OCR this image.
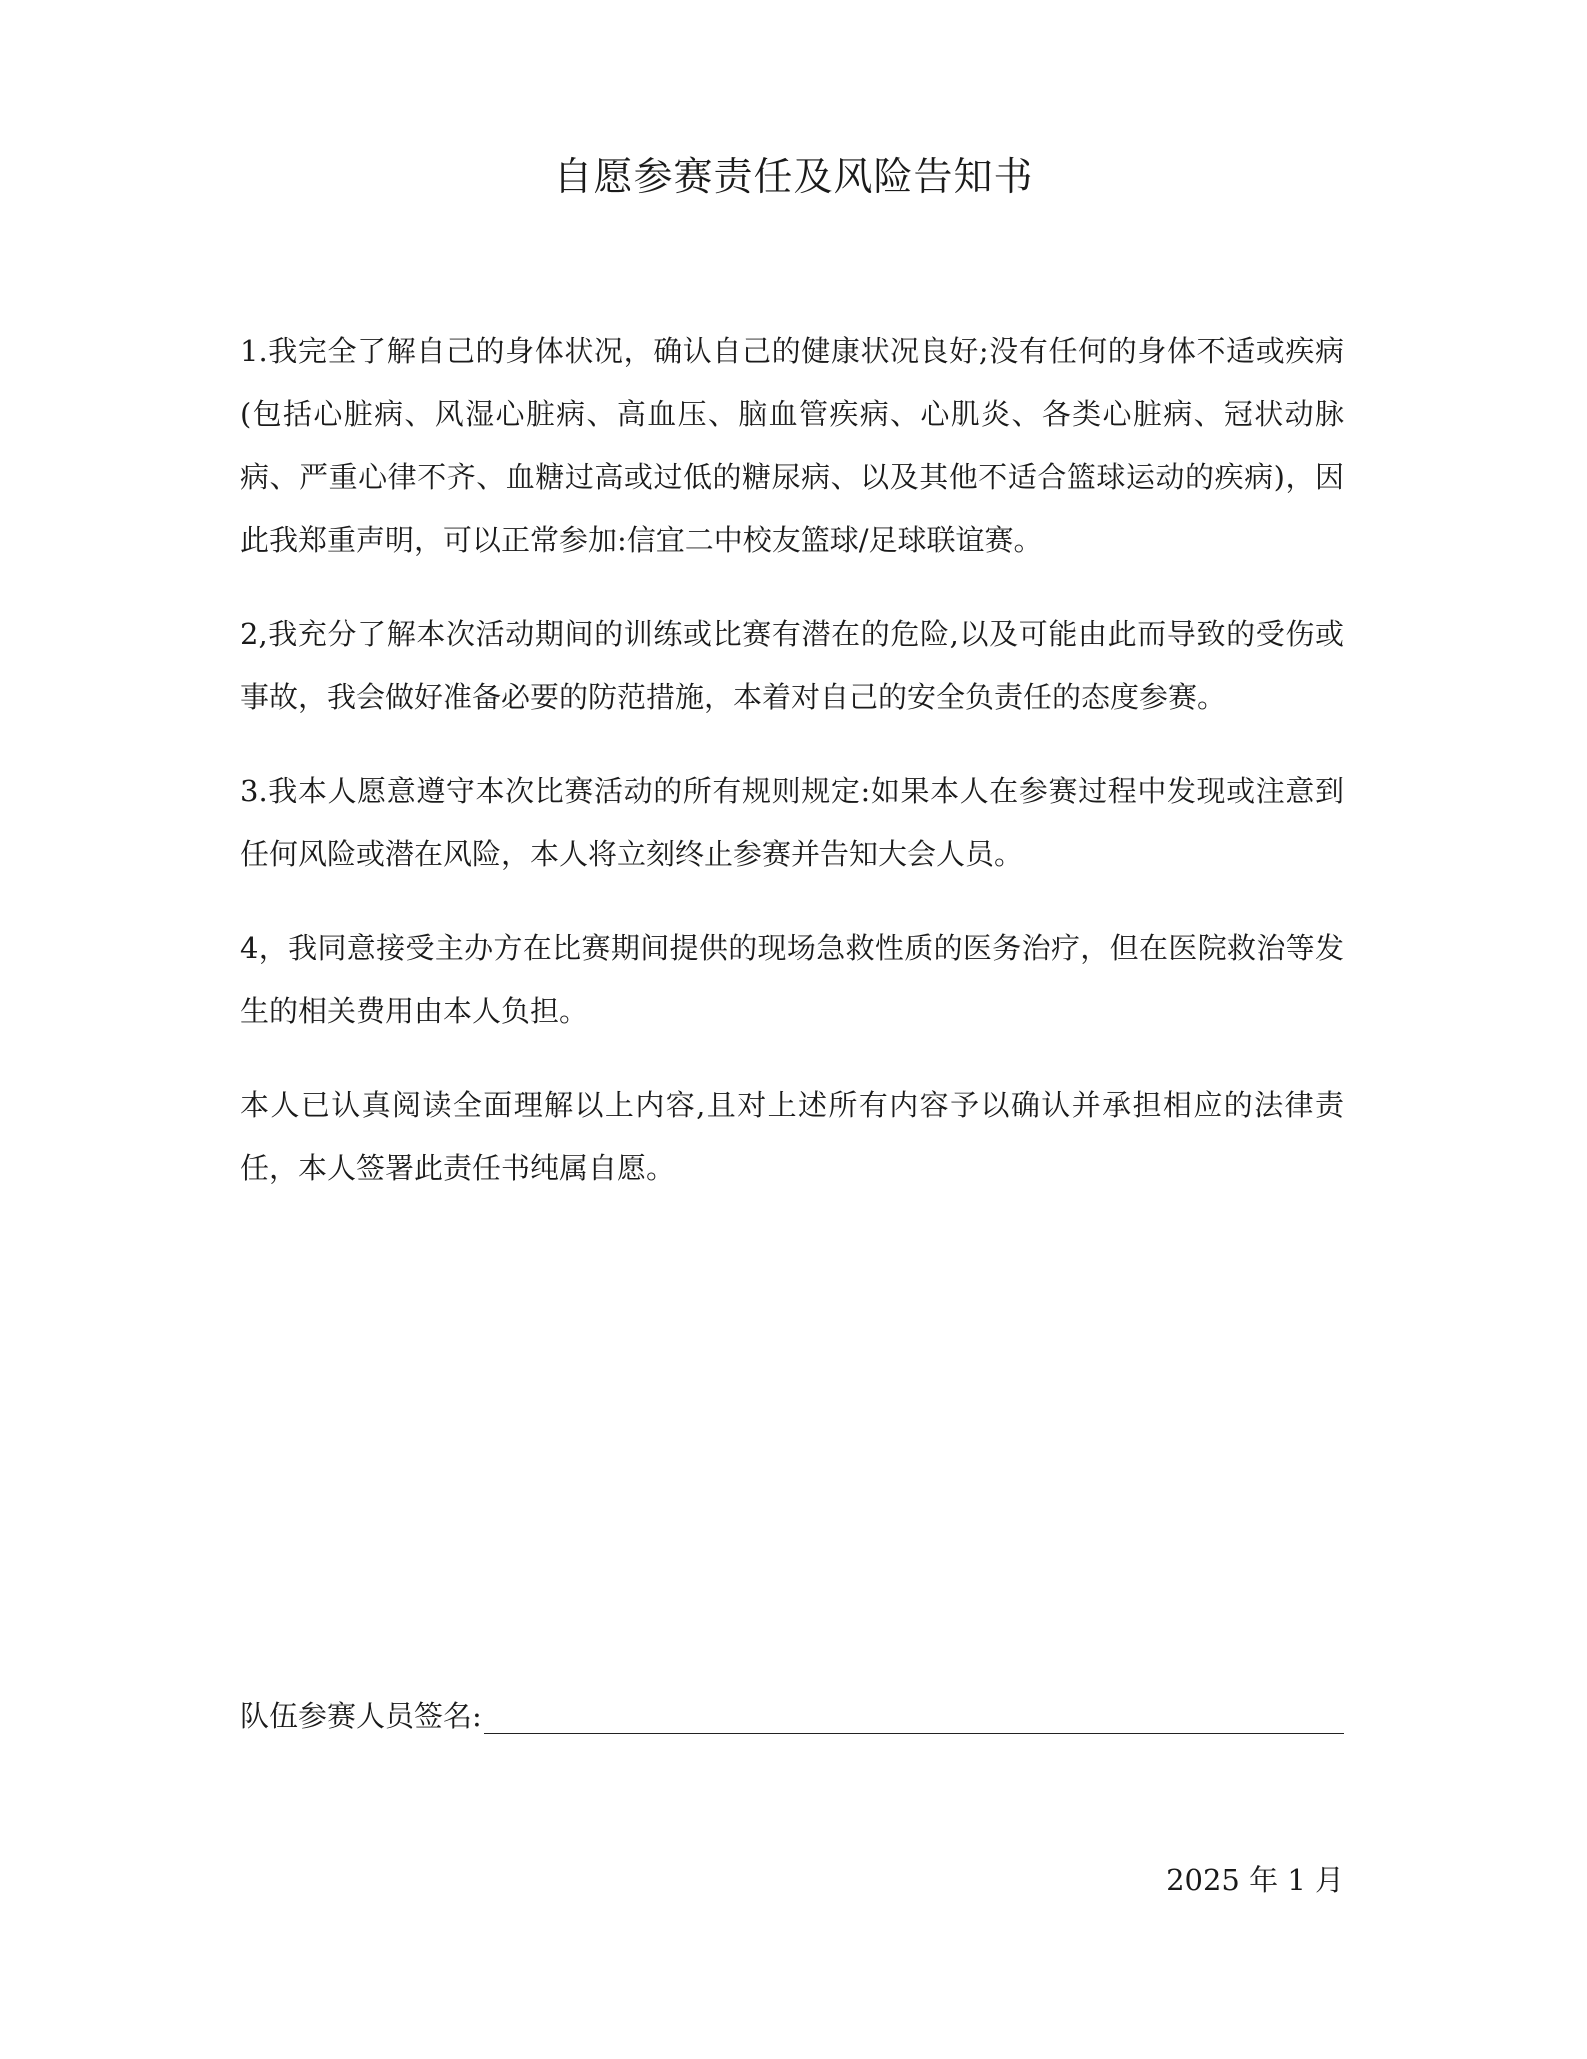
自愿参赛责任及风险告知书

1.我完全了解自己的身体状况，确认自己的健康状况良好;没有任何的身体不适或疾病(包括心脏病、风湿心脏病、高血压、脑血管疾病、心肌炎、各类心脏病、冠状动脉病、严重心律不齐、血糖过高或过低的糖尿病、以及其他不适合篮球运动的疾病)，因此我郑重声明，可以正常参加:信宜二中校友篮球/足球联谊赛。

2,我充分了解本次活动期间的训练或比赛有潜在的危险,以及可能由此而导致的受伤或事故，我会做好准备必要的防范措施，本着对自己的安全负责任的态度参赛。

3.我本人愿意遵守本次比赛活动的所有规则规定:如果本人在参赛过程中发现或注意到任何风险或潜在风险，本人将立刻终止参赛并告知大会人员。

4，我同意接受主办方在比赛期间提供的现场急救性质的医务治疗，但在医院救治等发生的相关费用由本人负担。

本人已认真阅读全面理解以上内容,且对上述所有内容予以确认并承担相应的法律责任，本人签署此责任书纯属自愿。

队伍参赛人员签名:
2025 年 1 月
